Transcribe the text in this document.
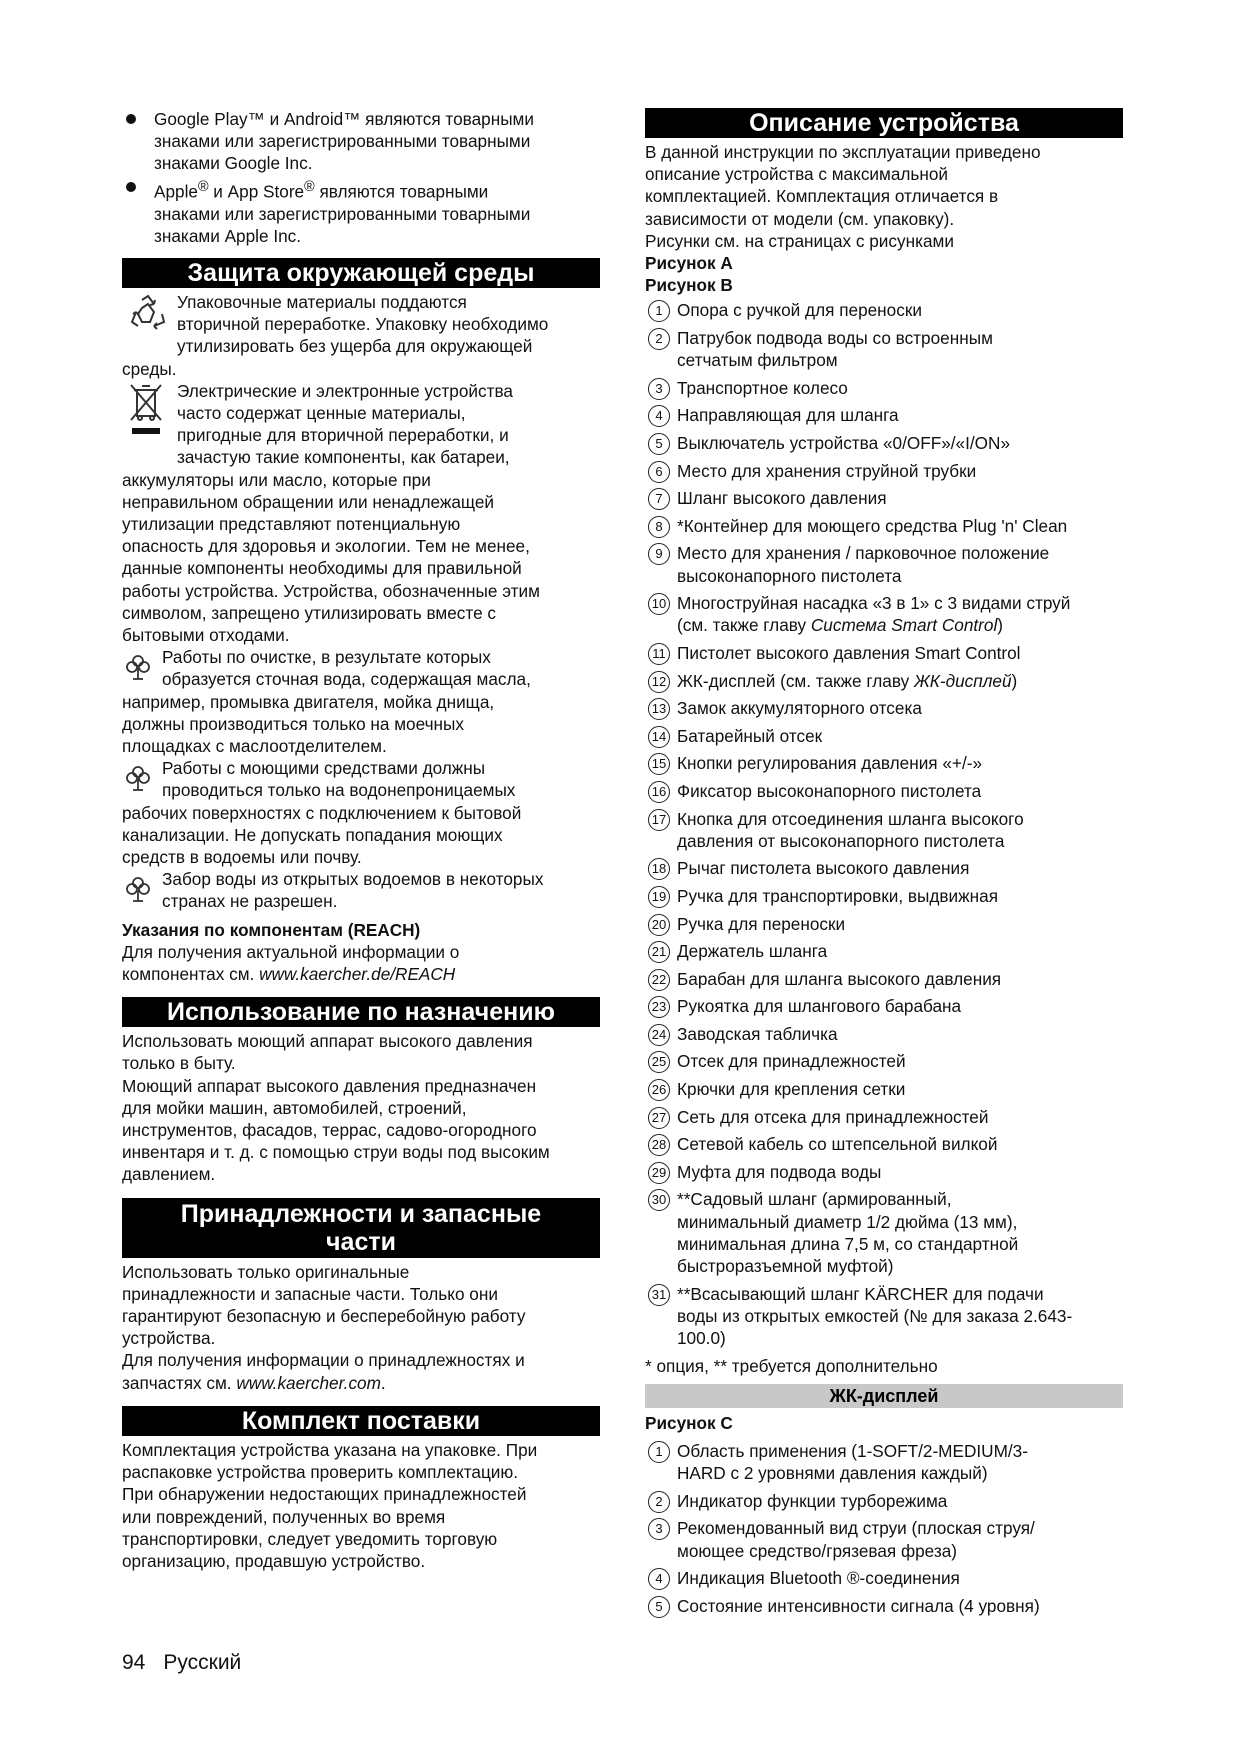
Google Play™ и Android™ являются товарными

знаками или зарегистрированными товарными

знаками Google Inc.

Apple® и App Store® являются товарными

знаками или зарегистрированными товарными

знаками Apple Inc.

Защита окружающей среды

Упаковочные материалы поддаются

вторичной переработке. Упаковку необходимо

утилизировать без ущерба для окружающей

среды.

Электрические и электронные устройства

часто содержат ценные материалы,

пригодные для вторичной переработки, и

зачастую такие компоненты, как батареи,

аккумуляторы или масло, которые при

неправильном обращении или ненадлежащей

утилизации представляют потенциальную

опасность для здоровья и экологии. Тем не менее,

данные компоненты необходимы для правильной

работы устройства. Устройства, обозначенные этим

символом, запрещено утилизировать вместе с

бытовыми отходами.

Работы по очистке, в результате которых

образуется сточная вода, содержащая масла,

например, промывка двигателя, мойка днища,

должны производиться только на моечных

площадках с маслоотделителем.

Работы с моющими средствами должны

проводиться только на водонепроницаемых

рабочих поверхностях с подключением к бытовой

канализации. Не допускать попадания моющих

средств в водоемы или почву.

Забор воды из открытых водоемов в некоторых

странах не разрешен.

Указания по компонентам (REACH)

Для получения актуальной информации о

компонентах см. www.kaercher.de/REACH

Использование по назначению

Использовать моющий аппарат высокого давления

только в быту.

Моющий аппарат высокого давления предназначен

для мойки машин, автомобилей, строений,

инструментов, фасадов, террас, садово-огородного

инвентаря и т. д. с помощью струи воды под высоким

давлением.

Принадлежности и запасные
части

Использовать только оригинальные

принадлежности и запасные части. Только они

гарантируют безопасную и бесперебойную работу

устройства.

Для получения информации о принадлежностях и

запчастях см. www.kaercher.com.

Комплект поставки

Комплектация устройства указана на упаковке. При

распаковке устройства проверить комплектацию.

При обнаружении недостающих принадлежностей

или повреждений, полученных во время

транспортировки, следует уведомить торговую

организацию, продавшую устройство.

Описание устройства

В данной инструкции по эксплуатации приведено

описание устройства с максимальной

комплектацией. Комплектация отличается в

зависимости от модели (см. упаковку).

Рисунки см. на страницах с рисунками

Рисунок A

Рисунок B

1 Опора с ручкой для переноски
2 Патрубок подвода воды со встроенным
сетчатым фильтром
3 Транспортное колесо
4 Направляющая для шланга
5 Выключатель устройства «0/OFF»/«I/ON»
6 Место для хранения струйной трубки
7 Шланг высокого давления
8 *Контейнер для моющего средства Plug 'n' Clean
9 Место для хранения / парковочное положение
высоконапорного пистолета
10 Многоструйная насадка «3 в 1» с 3 видами струй
(см. также главу Система Smart Control)
11 Пистолет высокого давления Smart Control
12 ЖК-дисплей (см. также главу ЖК-дисплей)
13 Замок аккумуляторного отсека
14 Батарейный отсек
15 Кнопки регулирования давления «+/-»
16 Фиксатор высоконапорного пистолета
17 Кнопка для отсоединения шланга высокого
давления от высоконапорного пистолета
18 Рычаг пистолета высокого давления
19 Ручка для транспортировки, выдвижная
20 Ручка для переноски
21 Держатель шланга
22 Барабан для шланга высокого давления
23 Рукоятка для шлангового барабана
24 Заводская табличка
25 Отсек для принадлежностей
26 Крючки для крепления сетки
27 Сеть для отсека для принадлежностей
28 Сетевой кабель со штепсельной вилкой
29 Муфта для подвода воды
30 **Садовый шланг (армированный,
минимальный диаметр 1/2 дюйма (13 мм),
минимальная длина 7,5 м, со стандартной
быстроразъемной муфтой)
31 **Всасывающий шланг KÄRCHER для подачи
воды из открытых емкостей (№ для заказа 2.643-
100.0)

* опция, ** требуется дополнительно

ЖК-дисплей

Рисунок C

1 Область применения (1-SOFT/2-MEDIUM/3-
HARD с 2 уровнями давления каждый)
2 Индикатор функции турборежима
3 Рекомендованный вид струи (плоская струя/
моющее средство/грязевая фреза)
4 Индикация Bluetooth ®-соединения
5 Состояние интенсивности сигнала (4 уровня)
94 Русский
